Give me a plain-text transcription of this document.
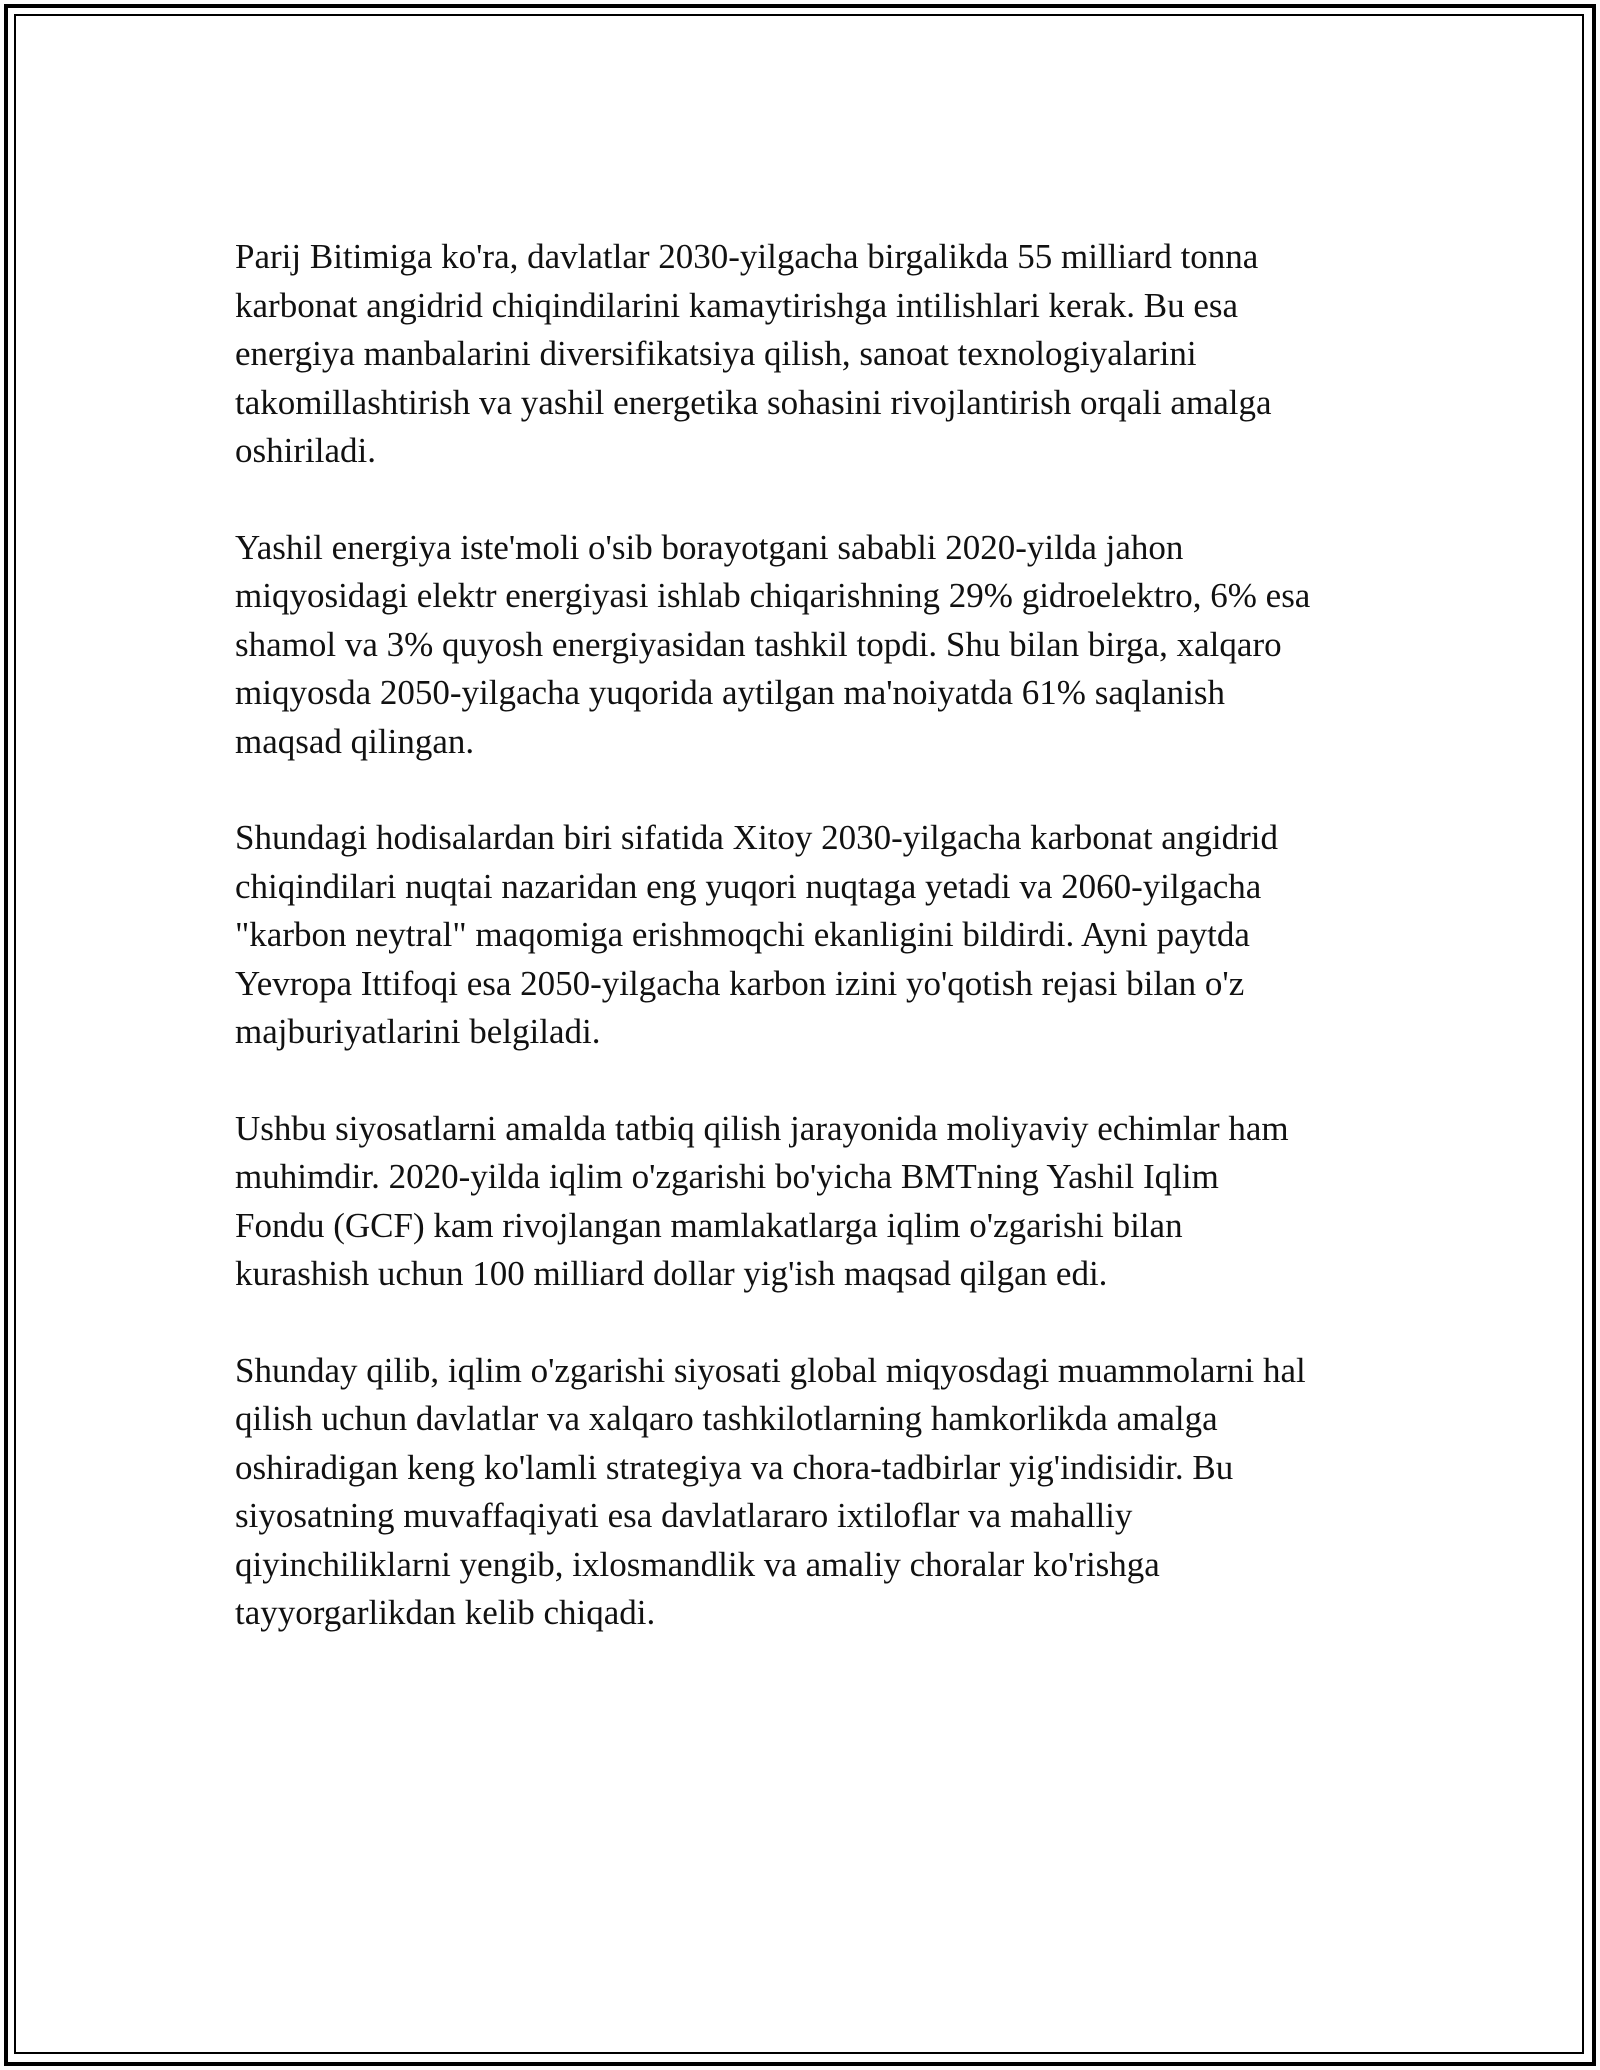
Parij Bitimiga ko'ra, davlatlar 2030-yilgacha birgalikda 55 milliard tonna
karbonat angidrid chiqindilarini kamaytirishga intilishlari kerak. Bu esa
energiya manbalarini diversifikatsiya qilish, sanoat texnologiyalarini
takomillashtirish va yashil energetika sohasini rivojlantirish orqali amalga
oshiriladi.

Yashil energiya iste'moli o'sib borayotgani sababli 2020-yilda jahon
miqyosidagi elektr energiyasi ishlab chiqarishning 29% gidroelektro, 6% esa
shamol va 3% quyosh energiyasidan tashkil topdi. Shu bilan birga, xalqaro
miqyosda 2050-yilgacha yuqorida aytilgan ma'noiyatda 61% saqlanish
maqsad qilingan.

Shundagi hodisalardan biri sifatida Xitoy 2030-yilgacha karbonat angidrid
chiqindilari nuqtai nazaridan eng yuqori nuqtaga yetadi va 2060-yilgacha
"karbon neytral" maqomiga erishmoqchi ekanligini bildirdi. Ayni paytda
Yevropa Ittifoqi esa 2050-yilgacha karbon izini yo'qotish rejasi bilan o'z
majburiyatlarini belgiladi.

Ushbu siyosatlarni amalda tatbiq qilish jarayonida moliyaviy echimlar ham
muhimdir. 2020-yilda iqlim o'zgarishi bo'yicha BMTning Yashil Iqlim
Fondu (GCF) kam rivojlangan mamlakatlarga iqlim o'zgarishi bilan
kurashish uchun 100 milliard dollar yig'ish maqsad qilgan edi.

Shunday qilib, iqlim o'zgarishi siyosati global miqyosdagi muammolarni hal
qilish uchun davlatlar va xalqaro tashkilotlarning hamkorlikda amalga
oshiradigan keng ko'lamli strategiya va chora-tadbirlar yig'indisidir. Bu
siyosatning muvaffaqiyati esa davlatlararo ixtiloflar va mahalliy
qiyinchiliklarni yengib, ixlosmandlik va amaliy choralar ko'rishga
tayyorgarlikdan kelib chiqadi.
